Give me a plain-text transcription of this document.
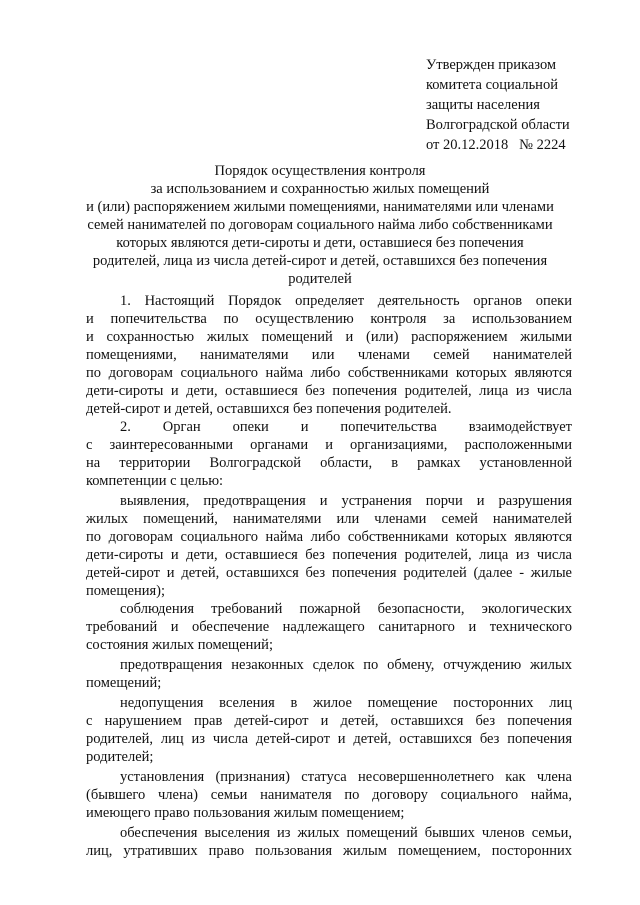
Утвержден приказом
комитета социальной
защиты населения
Волгоградской области
от 20.12.2018   № 2224
Порядок осуществления контроля
за использованием и сохранностью жилых помещений
и (или) распоряжением жилыми помещениями, нанимателями или членами
семей нанимателей по договорам социального найма либо собственниками
которых являются дети-сироты и дети, оставшиеся без попечения
родителей, лица из числа детей-сирот и детей, оставшихся без попечения
родителей
1. Настоящий Порядок определяет деятельность органов опеки
и попечительства по осуществлению контроля за использованием
и сохранностью жилых помещений и (или) распоряжением жилыми
помещениями, нанимателями или членами семей нанимателей
по договорам социального найма либо собственниками которых являются
дети-сироты и дети, оставшиеся без попечения родителей, лица из числа
детей-сирот и детей, оставшихся без попечения родителей.
2. Орган опеки и попечительства взаимодействует
с заинтересованными органами и организациями, расположенными
на территории Волгоградской области, в рамках установленной
компетенции с целью:
выявления, предотвращения и устранения порчи и разрушения
жилых помещений, нанимателями или членами семей нанимателей
по договорам социального найма либо собственниками которых являются
дети-сироты и дети, оставшиеся без попечения родителей, лица из числа
детей-сирот и детей, оставшихся без попечения родителей (далее - жилые
помещения);
соблюдения требований пожарной безопасности, экологических
требований и обеспечение надлежащего санитарного и технического
состояния жилых помещений;
предотвращения незаконных сделок по обмену, отчуждению жилых
помещений;
недопущения вселения в жилое помещение посторонних лиц
с нарушением прав детей-сирот и детей, оставшихся без попечения
родителей, лиц из числа детей-сирот и детей, оставшихся без попечения
родителей;
установления (признания) статуса несовершеннолетнего как члена
(бывшего члена) семьи нанимателя по договору социального найма,
имеющего право пользования жилым помещением;
обеспечения выселения из жилых помещений бывших членов семьи,
лиц, утративших право пользования жилым помещением, посторонних
